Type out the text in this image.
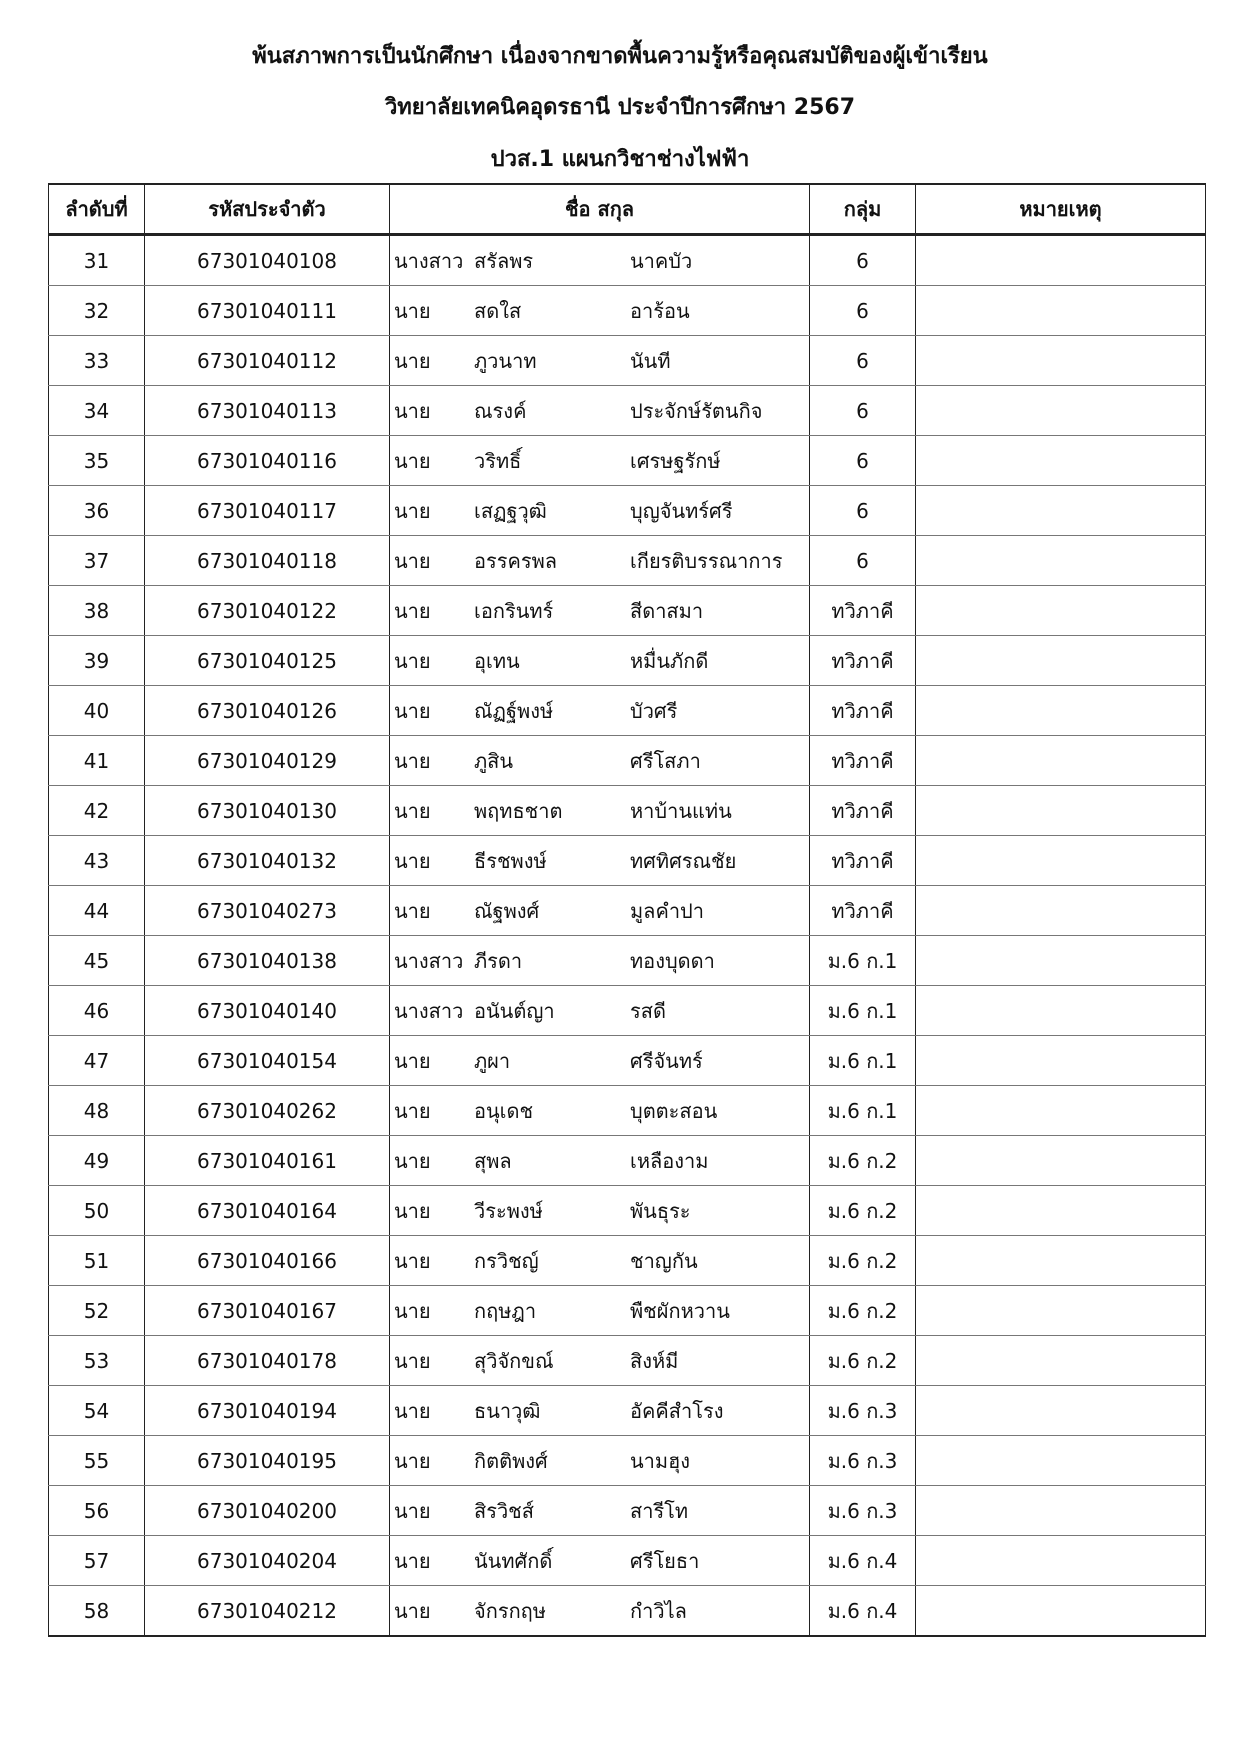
พ้นสภาพการเป็นนักศึกษา เนื่องจากขาดพื้นความรู้หรือคุณสมบัติของผู้เข้าเรียน
วิทยาลัยเทคนิคอุดรธานี ประจำปีการศึกษา 2567
ปวส.1 แผนกวิชาช่างไฟฟ้า
ลำดับที่	รหัสประจำตัว	ชื่อ สกุล	กลุ่ม	หมายเหตุ
31	67301040108	นางสาว สรัลพร นาคบัว	6	
32	67301040111	นาย สดใส อาร้อน	6	
33	67301040112	นาย ภูวนาท นันที	6	
34	67301040113	นาย ณรงค์ ประจักษ์รัตนกิจ	6	
35	67301040116	นาย วริทธิ์ เศรษฐรักษ์	6	
36	67301040117	นาย เสฏฐวุฒิ บุญจันทร์ศรี	6	
37	67301040118	นาย อรรครพล เกียรติบรรณาการ	6	
38	67301040122	นาย เอกรินทร์ สีดาสมา	ทวิภาคี	
39	67301040125	นาย อุเทน หมื่นภักดี	ทวิภาคี	
40	67301040126	นาย ณัฏฐ์พงษ์ บัวศรี	ทวิภาคี	
41	67301040129	นาย ภูสิน ศรีโสภา	ทวิภาคี	
42	67301040130	นาย พฤทธชาต หาบ้านแท่น	ทวิภาคี	
43	67301040132	นาย ธีรชพงษ์ ทศทิศรณชัย	ทวิภาคี	
44	67301040273	นาย ณัฐพงศ์ มูลคำปา	ทวิภาคี	
45	67301040138	นางสาว ภีรดา ทองบุดดา	ม.6 ก.1	
46	67301040140	นางสาว อนันต์ญา รสดี	ม.6 ก.1	
47	67301040154	นาย ภูผา ศรีจันทร์	ม.6 ก.1	
48	67301040262	นาย อนุเดช บุตตะสอน	ม.6 ก.1	
49	67301040161	นาย สุพล เหลืองาม	ม.6 ก.2	
50	67301040164	นาย วีระพงษ์ พันธุระ	ม.6 ก.2	
51	67301040166	นาย กรวิชญ์ ชาญกัน	ม.6 ก.2	
52	67301040167	นาย กฤษฎา พืชผักหวาน	ม.6 ก.2	
53	67301040178	นาย สุวิจักขณ์ สิงห์มี	ม.6 ก.2	
54	67301040194	นาย ธนาวุฒิ อัคคีสำโรง	ม.6 ก.3	
55	67301040195	นาย กิตติพงศ์ นามฮุง	ม.6 ก.3	
56	67301040200	นาย สิรวิชส์ สารีโท	ม.6 ก.3	
57	67301040204	นาย นันทศักดิ์ ศรีโยธา	ม.6 ก.4	
58	67301040212	นาย จักรกฤษ กำวิไล	ม.6 ก.4	
